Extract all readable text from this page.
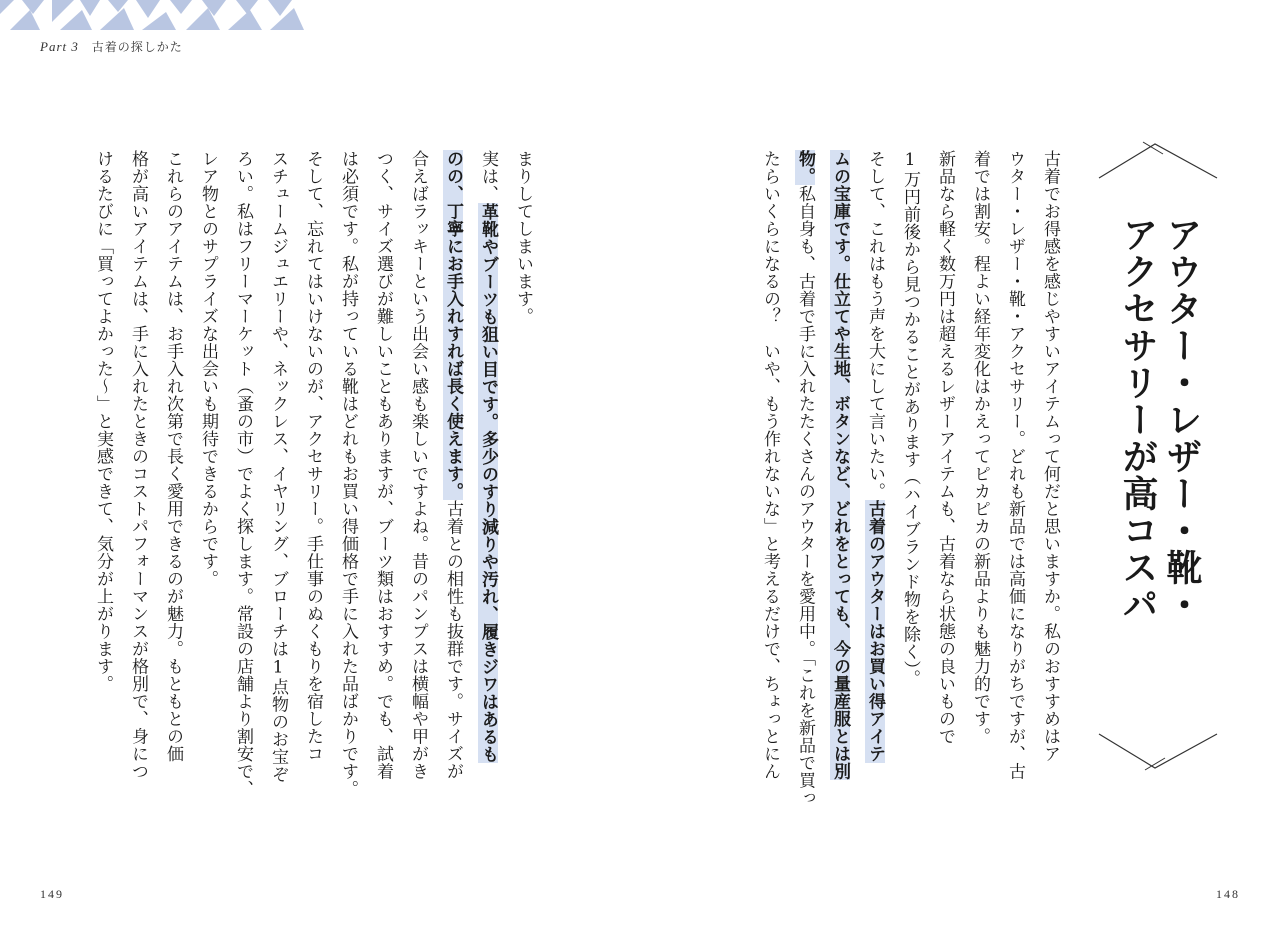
Part 3 古着の探しかた
アウター・レザー・靴・
アクセサリーが高コスパ

古着でお得感を感じやすいアイテムって何だと思いますか。私のおすすめはア
ウター・レザー・靴・アクセサリー。どれも新品では高価になりがちですが、古
着では割安。程よい経年変化はかえってピカピカの新品よりも魅力的です。
新品なら軽く数万円は超えるレザーアイテムも、古着なら状態の良いもので
1万円前後から見つかることがあります（ハイブランド物を除く）。
そして、これはもう声を大にして言いたい。古着のアウターはお買い得アイテ
ムの宝庫です。仕立てや生地、ボタンなど、どれをとっても、今の量産服とは別
物。私自身も、古着で手に入れたたくさんのアウターを愛用中。「これを新品で買っ
たらいくらになるの？　いや、もう作れないな」と考えるだけで、ちょっとにん

まりしてしまいます。
実は、革靴やブーツも狙い目です。多少のすり減りや汚れ、履きジワはあるも
のの、丁寧にお手入れすれば長く使えます。古着との相性も抜群です。サイズが
合えばラッキーという出会い感も楽しいですよね。昔のパンプスは横幅や甲がき
つく、サイズ選びが難しいこともありますが、ブーツ類はおすすめ。でも、試着
は必須です。私が持っている靴はどれもお買い得価格で手に入れた品ばかりです。
そして、忘れてはいけないのが、アクセサリー。手仕事のぬくもりを宿したコ
スチュームジュエリーや、ネックレス、イヤリング、ブローチは1点物のお宝ぞ
ろい。私はフリーマーケット（蚤の市）でよく探します。常設の店舗より割安で、
レア物とのサプライズな出会いも期待できるからです。
これらのアイテムは、お手入れ次第で長く愛用できるのが魅力。もともとの価
格が高いアイテムは、手に入れたときのコストパフォーマンスが格別で、身につ
けるたびに「買ってよかった〜」と実感できて、気分が上がります。

149	148
